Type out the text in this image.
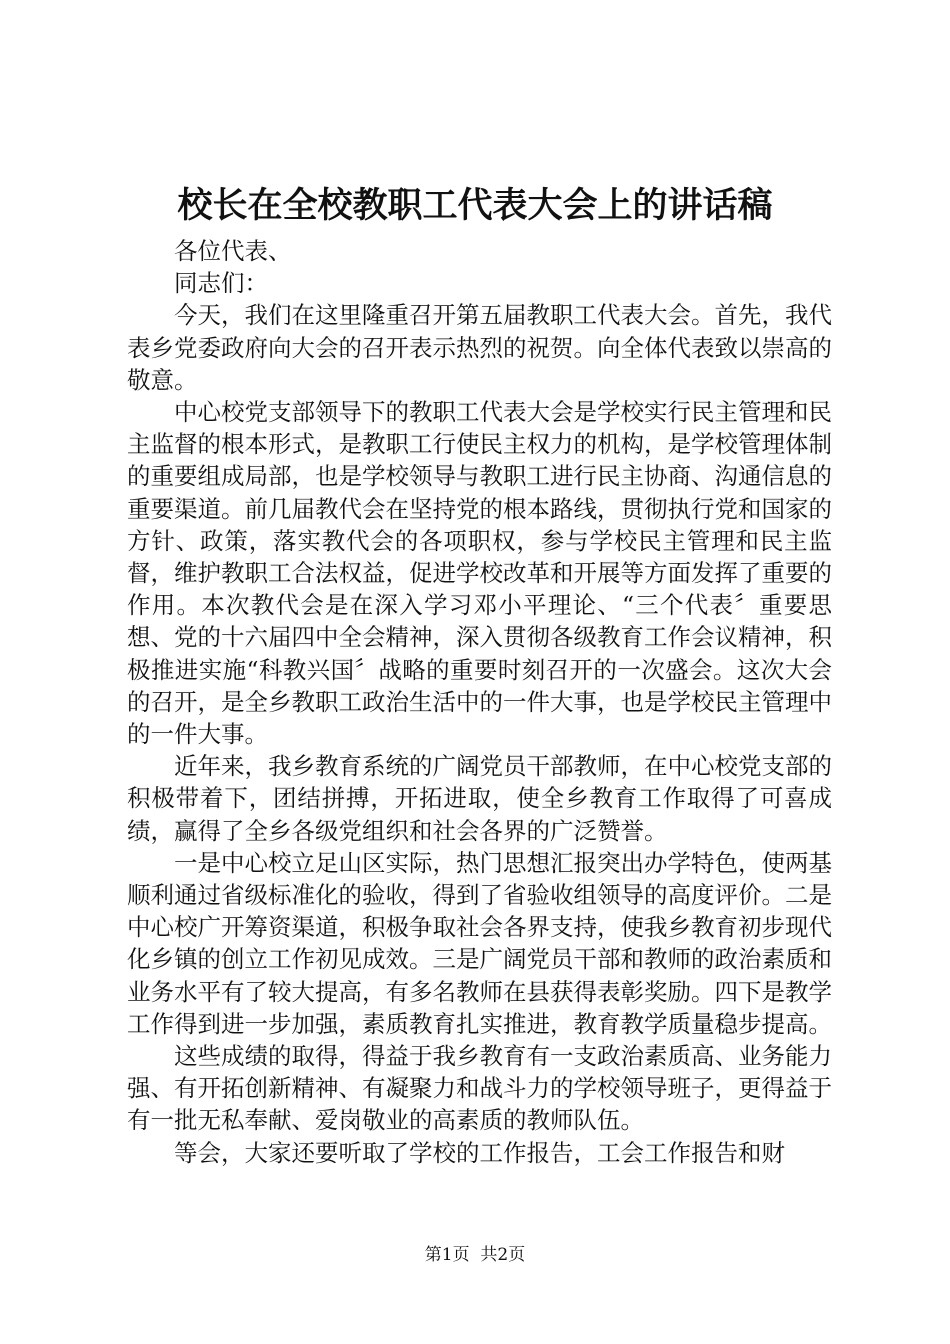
校长在全校教职工代表大会上的讲话稿

各位代表、

同志们：

今天，我们在这里隆重召开第五届教职工代表大会。首先，我代表乡党委政府向大会的召开表示热烈的祝贺。向全体代表致以崇高的敬意。

中心校党支部领导下的教职工代表大会是学校实行民主管理和民主监督的根本形式，是教职工行使民主权力的机构，是学校管理体制的重要组成局部，也是学校领导与教职工进行民主协商、沟通信息的重要渠道。前几届教代会在坚持党的根本路线，贯彻执行党和国家的方针、政策，落实教代会的各项职权，参与学校民主管理和民主监督，维护教职工合法权益，促进学校改革和开展等方面发挥了重要的作用。本次教代会是在深入学习邓小平理论、“三个代表〞重要思想、党的十六届四中全会精神，深入贯彻各级教育工作会议精神，积极推进实施“科教兴国〞战略的重要时刻召开的一次盛会。这次大会的召开，是全乡教职工政治生活中的一件大事，也是学校民主管理中的一件大事。

近年来，我乡教育系统的广阔党员干部教师，在中心校党支部的积极带着下，团结拼搏，开拓进取，使全乡教育工作取得了可喜成绩，赢得了全乡各级党组织和社会各界的广泛赞誉。

一是中心校立足山区实际，热门思想汇报突出办学特色，使两基顺利通过省级标准化的验收，得到了省验收组领导的高度评价。二是中心校广开筹资渠道，积极争取社会各界支持，使我乡教育初步现代化乡镇的创立工作初见成效。三是广阔党员干部和教师的政治素质和业务水平有了较大提高，有多名教师在县获得表彰奖励。四下是教学工作得到进一步加强，素质教育扎实推进，教育教学质量稳步提高。

这些成绩的取得，得益于我乡教育有一支政治素质高、业务能力强、有开拓创新精神、有凝聚力和战斗力的学校领导班子，更得益于有一批无私奉献、爱岗敬业的高素质的教师队伍。

等会，大家还要听取了学校的工作报告，工会工作报告和财

第1页  共2页
